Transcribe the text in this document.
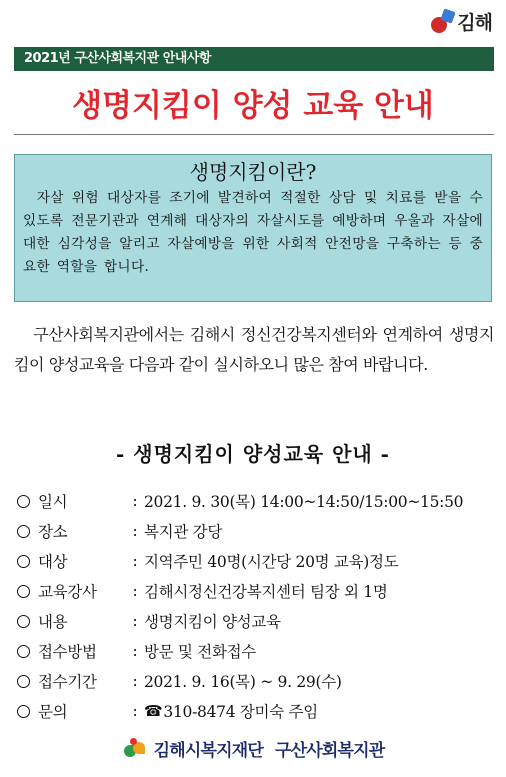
김해
2021년 구산사회복지관 안내사항
생명지킴이 양성 교육 안내
생명지킴이란?

자살 위험 대상자를 조기에 발견하여 적절한 상담 및 치료를 받을 수 있도록 전문기관과 연계해 대상자의 자살시도를 예방하며 우울과 자살에 대한 심각성을 알리고 자살예방을 위한 사회적 안전망을 구축하는 등 중요한 역할을 합니다.

구산사회복지관에서는 김해시 정신건강복지센터와 연계하여 생명지킴이 양성교육을 다음과 같이 실시하오니 많은 참여 바랍니다.
- 생명지킴이 양성교육 안내 -
일시	: 2021. 9. 30(목) 14:00~14:50/15:00~15:50
장소	: 복지관 강당
대상	: 지역주민 40명(시간당 20명 교육)정도
교육강사	: 김해시정신건강복지센터 팀장 외 1명
내용	: 생명지킴이 양성교육
접수방법	: 방문 및 전화접수
접수기간	: 2021. 9. 16(목) ~ 9. 29(수)
문의	: ☎ 310-8474 장미숙 주임
김해시복지재단 구산사회복지관
